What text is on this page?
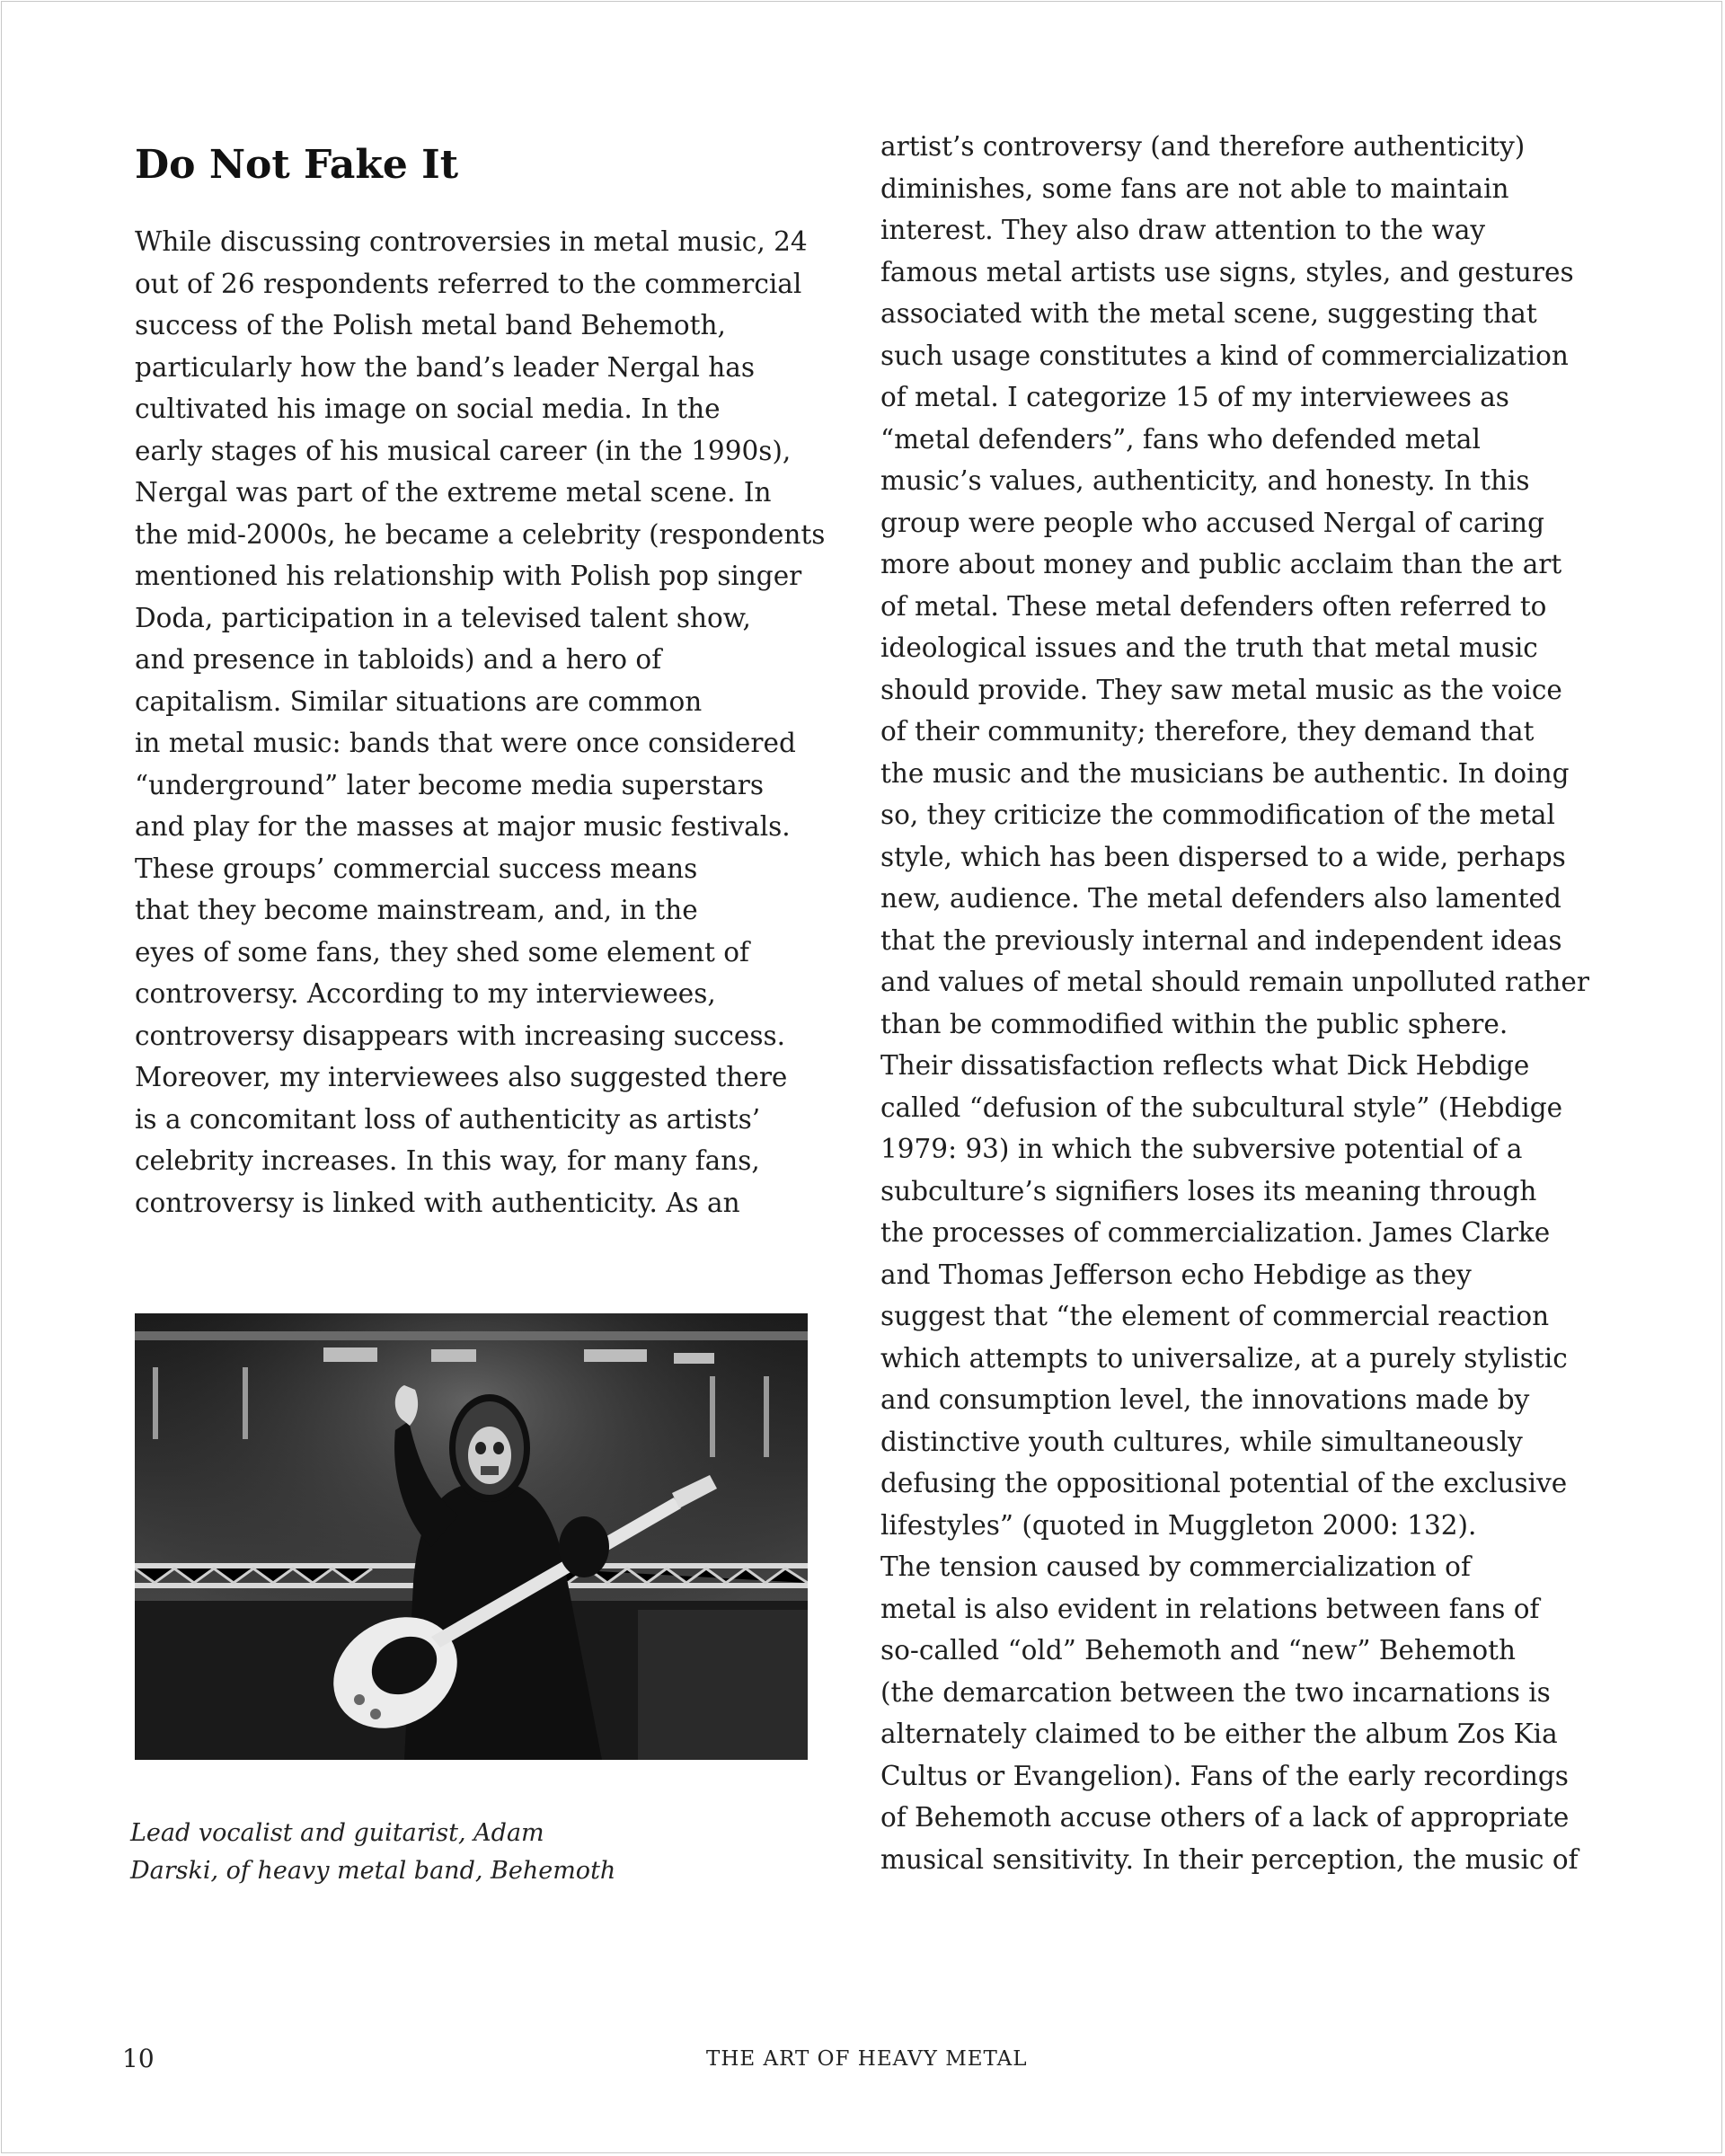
Do Not Fake It
While discussing controversies in metal music, 24
out of 26 respondents referred to the commercial
success of the Polish metal band Behemoth,
particularly how the band’s leader Nergal has
cultivated his image on social media. In the
early stages of his musical career (in the 1990s),
Nergal was part of the extreme metal scene. In
the mid-2000s, he became a celebrity (respondents
mentioned his relationship with Polish pop singer
Doda, participation in a televised talent show,
and presence in tabloids) and a hero of
capitalism. Similar situations are common
in metal music: bands that were once considered
“underground” later become media superstars
and play for the masses at major music festivals.
These groups’ commercial success means
that they become mainstream, and, in the
eyes of some fans, they shed some element of
controversy. According to my interviewees,
controversy disappears with increasing success.
Moreover, my interviewees also suggested there
is a concomitant loss of authenticity as artists’
celebrity increases. In this way, for many fans,
controversy is linked with authenticity. As an

Lead vocalist and guitarist, Adam
Darski, of heavy metal band, Behemoth

artist’s controversy (and therefore authenticity)
diminishes, some fans are not able to maintain
interest. They also draw attention to the way
famous metal artists use signs, styles, and gestures
associated with the metal scene, suggesting that
such usage constitutes a kind of commercialization
of metal. I categorize 15 of my interviewees as
“metal defenders”, fans who defended metal
music’s values, authenticity, and honesty. In this
group were people who accused Nergal of caring
more about money and public acclaim than the art
of metal. These metal defenders often referred to
ideological issues and the truth that metal music
should provide. They saw metal music as the voice
of their community; therefore, they demand that
the music and the musicians be authentic. In doing
so, they criticize the commodification of the metal
style, which has been dispersed to a wide, perhaps
new, audience. The metal defenders also lamented
that the previously internal and independent ideas
and values of metal should remain unpolluted rather
than be commodified within the public sphere.
Their dissatisfaction reflects what Dick Hebdige
called “defusion of the subcultural style” (Hebdige
1979: 93) in which the subversive potential of a
subculture’s signifiers loses its meaning through
the processes of commercialization. James Clarke
and Thomas Jefferson echo Hebdige as they
suggest that “the element of commercial reaction
which attempts to universalize, at a purely stylistic
and consumption level, the innovations made by
distinctive youth cultures, while simultaneously
defusing the oppositional potential of the exclusive
lifestyles” (quoted in Muggleton 2000: 132).
The tension caused by commercialization of
metal is also evident in relations between fans of
so-called “old” Behemoth and “new” Behemoth
(the demarcation between the two incarnations is
alternately claimed to be either the album Zos Kia
Cultus or Evangelion). Fans of the early recordings
of Behemoth accuse others of a lack of appropriate
musical sensitivity. In their perception, the music of
10	THE ART OF HEAVY METAL
